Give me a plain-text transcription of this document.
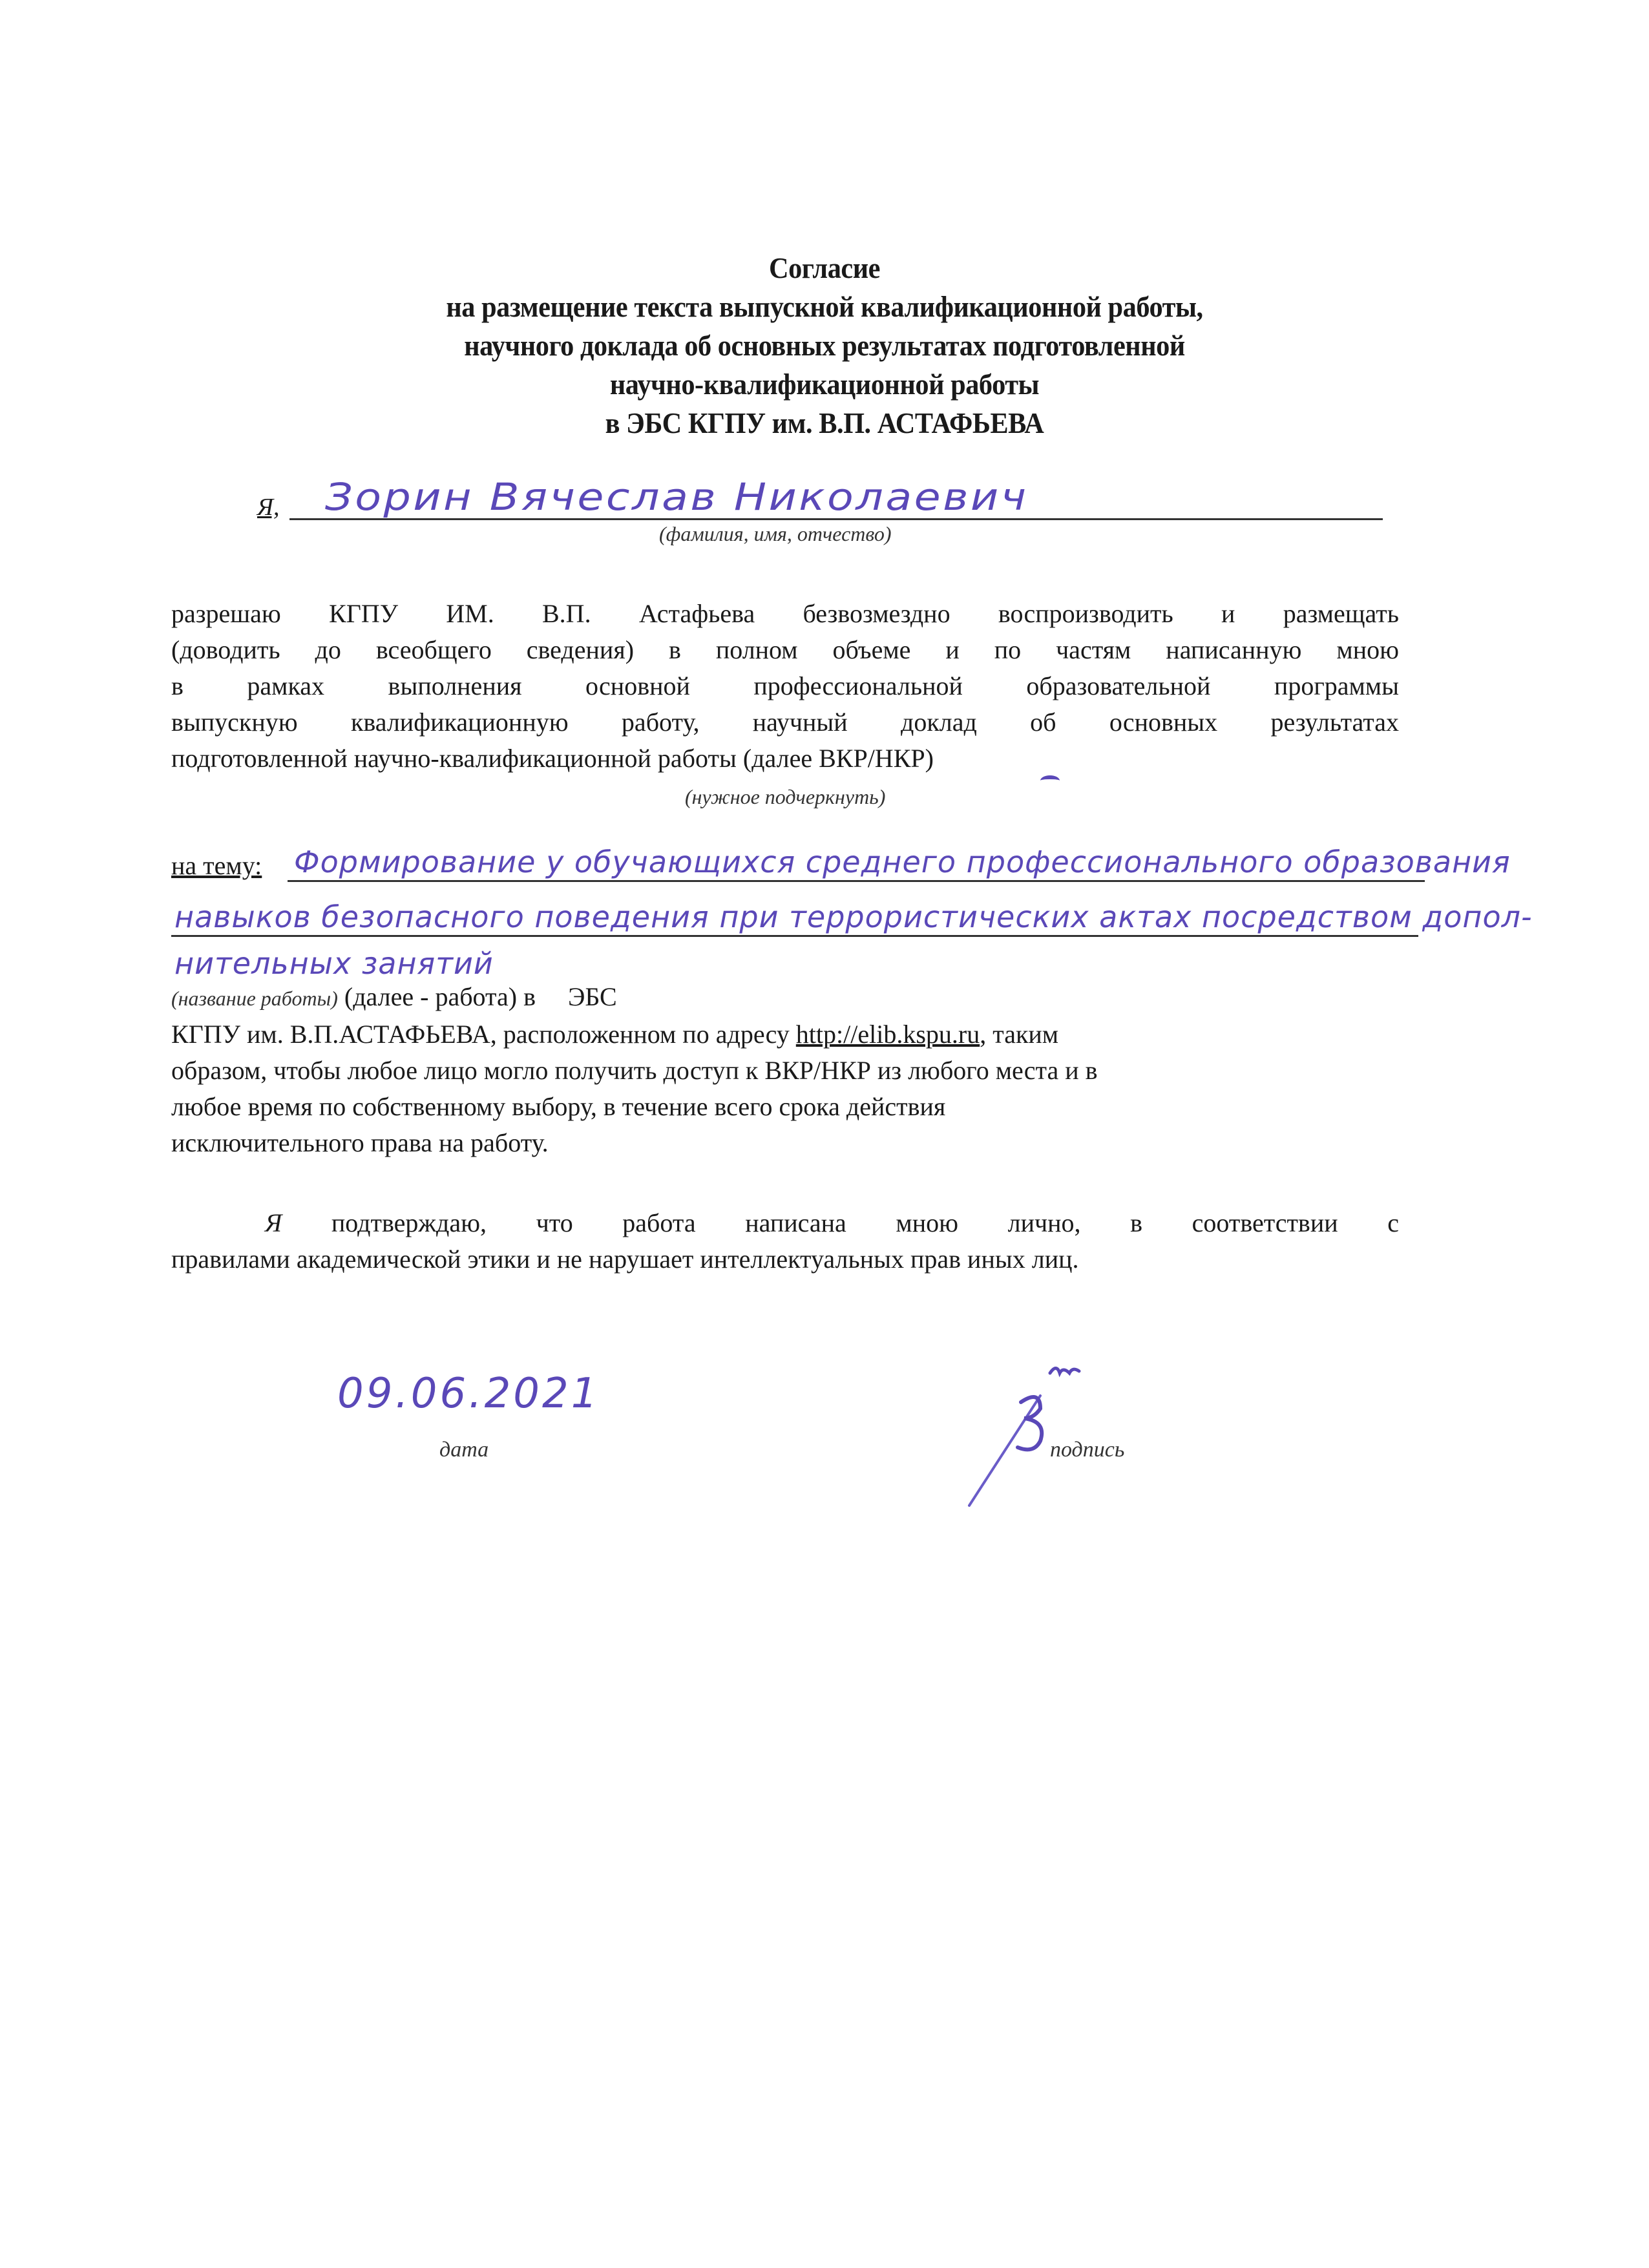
Согласие
на размещение текста выпускной квалификационной работы,
научного доклада об основных результатах подготовленной
научно-квалификационной работы
в ЭБС КГПУ им. В.П. АСТАФЬЕВА
Я, Зорин Вячеслав Николаевич
(фамилия, имя, отчество)
разрешаю КГПУ ИМ. В.П. Астафьева безвозмездно воспроизводить и размещать
(доводить до всеобщего сведения) в полном объеме и по частям написанную мною
в рамках выполнения основной профессиональной образовательной программы
выпускную квалификационную работу, научный доклад об основных результатах
подготовленной научно-квалификационной работы (далее ВКР/НКР)
(нужное подчеркнуть)
на тему: Формирование у обучающихся среднего профессионального образования
навыков безопасного поведения при террористических актах посредством допол-
нительных занятий
(название работы) (далее - работа) в     ЭБС
КГПУ им. В.П.АСТАФЬЕВА, расположенном по адресу http://elib.kspu.ru, таким
образом, чтобы любое лицо могло получить доступ к ВКР/НКР из любого места и в
любое время по собственному выбору, в течение всего срока действия
исключительного права на работу.
Я подтверждаю, что работа написана мною лично, в соответствии с
правилами академической этики и не нарушает интеллектуальных прав иных лиц.
09.06.2021
дата	подпись
